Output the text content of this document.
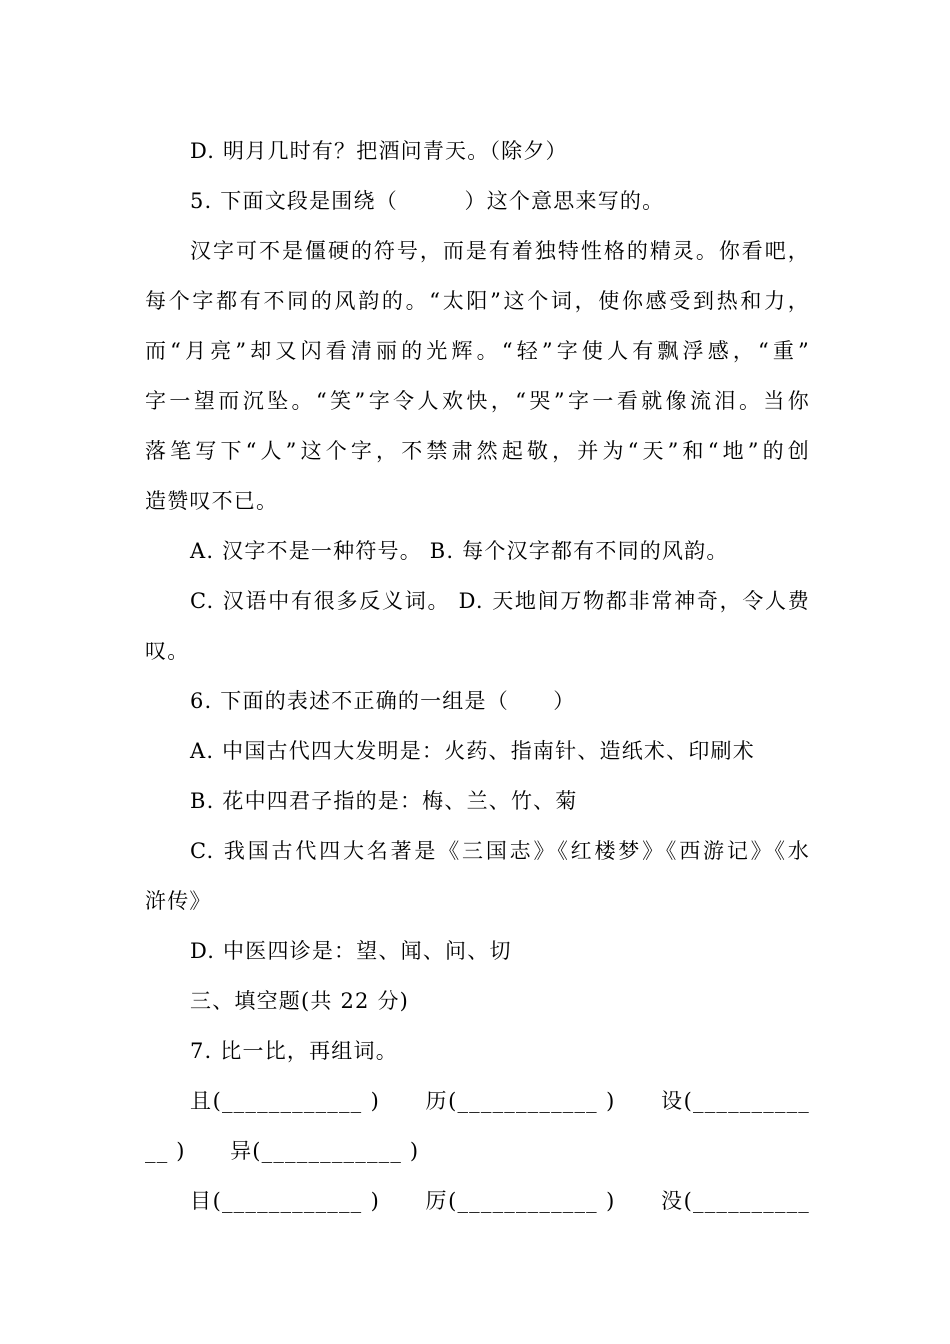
D. 明月几时有？把酒问青天。（除夕）
5. 下面文段是围绕（　　　）这个意思来写的。
汉字可不是僵硬的符号，而是有着独特性格的精灵。你看吧，
每个字都有不同的风韵的。“太阳”这个词，使你感受到热和力，
而“月亮”却又闪看清丽的光辉。“轻”字使人有飘浮感，“重”
字一望而沉坠。“笑”字令人欢快，“哭”字一看就像流泪。当你
落笔写下“人”这个字，不禁肃然起敬，并为“天”和“地”的创
造赞叹不已。
A. 汉字不是一种符号。 B. 每个汉字都有不同的风韵。
C. 汉语中有很多反义词。 D. 天地间万物都非常神奇，令人费
叹。
6. 下面的表述不正确的一组是（　　）
A. 中国古代四大发明是：火药、指南针、造纸术、印刷术
B. 花中四君子指的是：梅、兰、竹、菊
C. 我国古代四大名著是《三国志》《红楼梦》《西游记》《水
浒传》
D. 中医四诊是：望、闻、问、切
三、填空题(共 22 分)
7. 比一比，再组词。
且(____________ )　　历(____________ )　　设(__________
__ )　　异(____________ )
目(____________ )　　厉(____________ )　　没(__________
